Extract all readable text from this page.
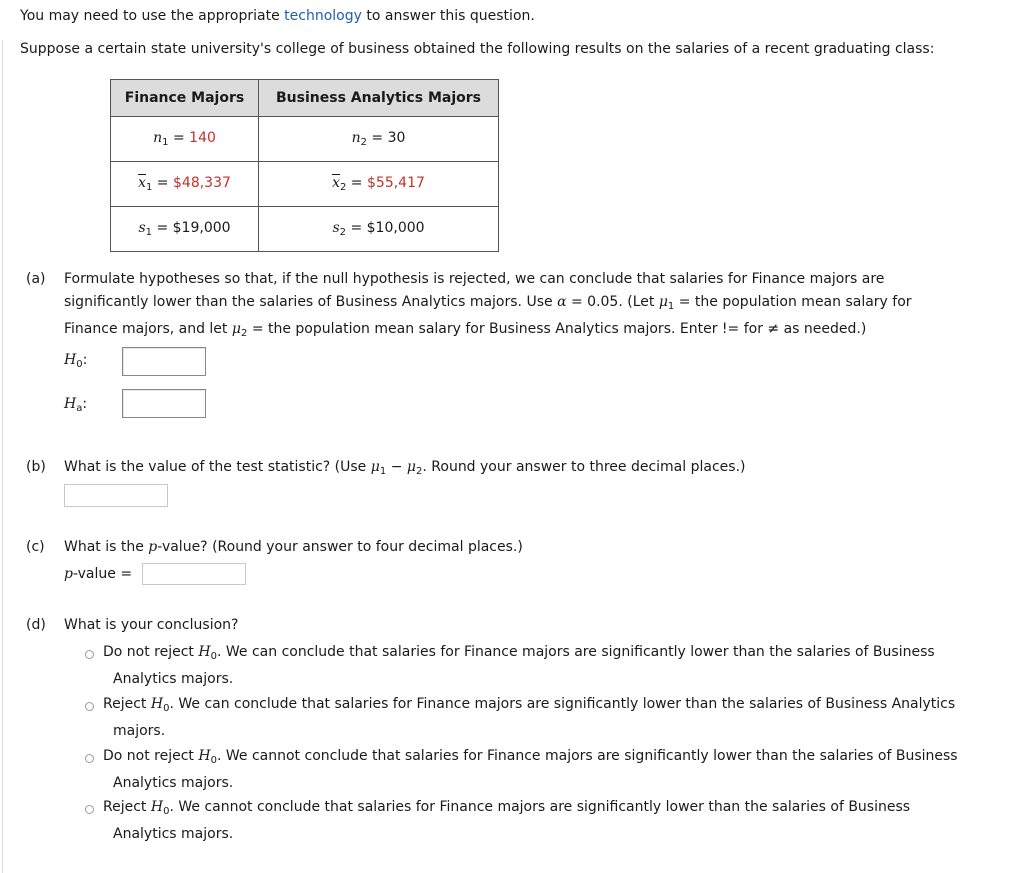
You may need to use the appropriate technology to answer this question.
Suppose a certain state university's college of business obtained the following results on the salaries of a recent graduating class:
Finance Majors	Business Analytics Majors
$n_1 = 140$	$n_2 = 30$
$\overline{x}_1$ = $48,337	$\overline{x}_2$ = $55,417
$s_1$ = $19,000	$s_2$ = $10,000
(a) Formulate hypotheses so that, if the null hypothesis is rejected, we can conclude that salaries for Finance majors are
significantly lower than the salaries of Business Analytics majors. Use α = 0.05. (Let $\mu_1$ = the population mean salary for
Finance majors, and let $\mu_2$ = the population mean salary for Business Analytics majors. Enter != for ≠ as needed.)
$H_0$:
$H_a$:
(b) What is the value of the test statistic? (Use $\mu_1 - \mu_2$. Round your answer to three decimal places.)
(c) What is the p-value? (Round your answer to four decimal places.)
p-value =
(d) What is your conclusion?
Do not reject $H_0$. We can conclude that salaries for Finance majors are significantly lower than the salaries of Business
Analytics majors.
Reject $H_0$. We can conclude that salaries for Finance majors are significantly lower than the salaries of Business Analytics
majors.
Do not reject $H_0$. We cannot conclude that salaries for Finance majors are significantly lower than the salaries of Business
Analytics majors.
Reject $H_0$. We cannot conclude that salaries for Finance majors are significantly lower than the salaries of Business
Analytics majors.
